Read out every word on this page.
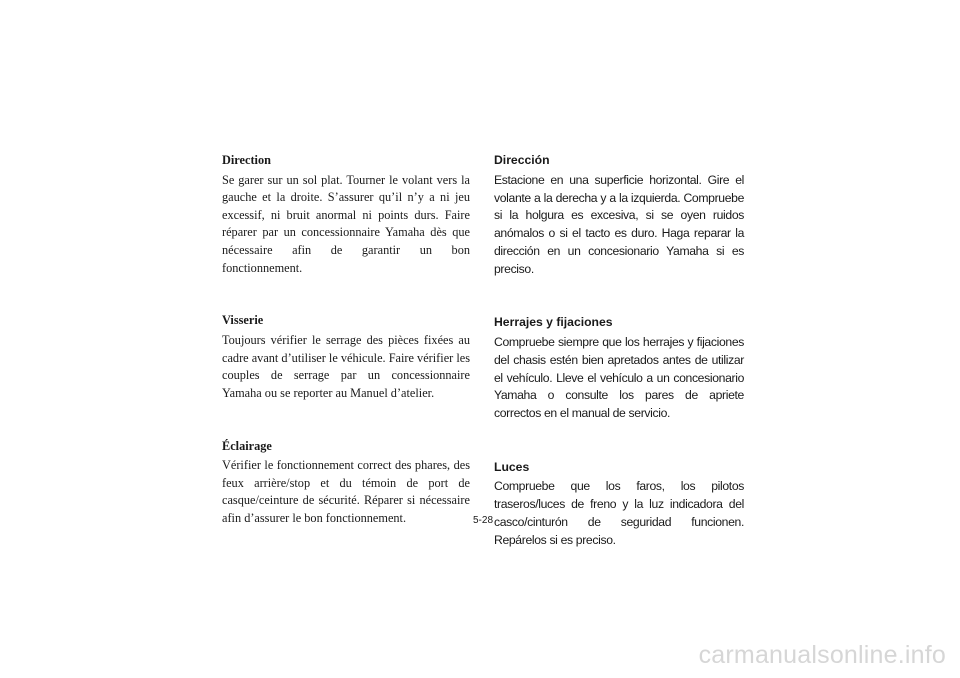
Direction

Se garer sur un sol plat. Tourner le volant vers la gauche et la droite. S’assurer qu’il n’y a ni jeu excessif, ni bruit anormal ni points durs. Faire réparer par un concessionnaire Yamaha dès que nécessaire afin de garantir un bon fonctionnement.

Visserie

Toujours vérifier le serrage des pièces fixées au cadre avant d’utiliser le véhicule. Faire vérifier les couples de serrage par un concessionnaire Yamaha ou se reporter au Manuel d’atelier.

Éclairage

Vérifier le fonctionnement correct des phares, des feux arrière/stop et du témoin de port de casque/ceinture de sécurité. Réparer si nécessaire afin d’assurer le bon fonctionnement.

Dirección

Estacione en una superficie horizontal. Gire el volante a la derecha y a la izquierda. Compruebe si la holgura es excesiva, si se oyen ruidos anómalos o si el tacto es duro. Haga reparar la dirección en un concesionario Yamaha si es preciso.

Herrajes y fijaciones

Compruebe siempre que los herrajes y fijaciones del chasis estén bien apretados antes de utilizar el vehículo. Lleve el vehículo a un concesionario Yamaha o consulte los pares de apriete correctos en el manual de servicio.

Luces

Compruebe que los faros, los pilotos traseros/luces de freno y la luz indicadora del casco/cinturón de seguridad funcionen. Repárelos si es preciso.

5-28
carmanualsonline.info
